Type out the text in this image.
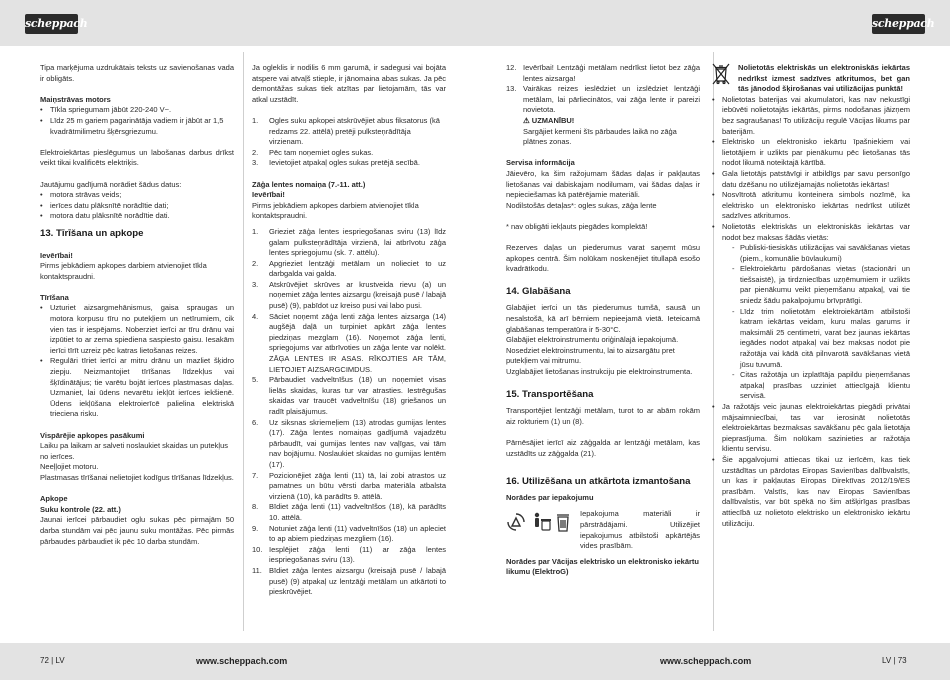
scheppach	scheppach

Tipa marķējuma uzdrukātais teksts uz savienošanas vada ir obligāts.

Maiņstrāvas motors

• Tīkla spriegumam jābūt 220-240 V~.
• Līdz 25 m gariem pagarinātāja vadiem ir jābūt ar 1,5 kvadrātmilimetru šķērsgriezumu.

Elektroiekārtas pieslēgumus un labošanas darbus drīkst veikt tikai kvalificēts elektriķis.

Jautājumu gadījumā norādiet šādus datus:

• motora strāvas veids;
• ierīces datu plāksnītē norādītie dati;
• motora datu plāksnītē norādītie dati.
13. Tīrīšana un apkope

Ievērībai!

Pirms jebkādiem apkopes darbiem atvienojiet tīkla kontaktspraudni.

Tīrīšana

• Uzturiet aizsargmehānismus, gaisa spraugas un motora korpusu tīru no putekļiem un netīrumiem, cik vien tas ir iespējams. Noberziet ierīci ar tīru drānu vai izpūtiet to ar zema spiediena saspiesto gaisu. Iesakām ierīci tīrīt uzreiz pēc katras lietošanas reizes.
• Regulāri tīriet ierīci ar mitru drānu un mazliet šķidro ziepju. Neizmantojiet tīrīšanas līdzekļus vai šķīdinātājus; tie varētu bojāt ierīces plastmasas daļas. Uzmaniet, lai ūdens nevarētu iekļūt ierīces iekšienē. Ūdens iekļūšana elektroierīcē palielina elektriskā trieciena risku.

Vispārējie apkopes pasākumi

Laiku pa laikam ar salveti noslaukiet skaidas un putekļus no ierīces.

Neeļļojiet motoru.

Plastmasas tīrīšanai nelietojiet kodīgus tīrīšanas līdzekļus.

Apkope

Suku kontrole (22. att.)

Jaunai ierīcei pārbaudiet oglu sukas pēc pirmajām 50 darba stundām vai pēc jaunu suku montāžas. Pēc pirmās pārbaudes pārbaudiet ik pēc 10 darba stundām.

Ja ogleklis ir nodilis 6 mm garumā, ir sadegusi vai bojāta atspere vai atvaļš stieple, ir jānomaina abas sukas. Ja pēc demontāžas sukas tiek atzītas par lietojamām, tās var atkal uzstādīt.

1. Ogles suku apkopei atskrūvējiet abus fiksatorus (kā redzams 22. attēlā) pretēji pulksteņrādītāja virzienam.
2. Pēc tam noņemiet ogles sukas.
3. Ievietojiet atpakaļ ogles sukas pretējā secībā.

Zāģa lentes nomaiņa (7.-11. att.)

Ievērībai!

Pirms jebkādiem apkopes darbiem atvienojiet tīkla kontaktspraudni.

1. Grieziet zāģa lentes iespriegošanas sviru (13) līdz galam pulksteņrādītāja virzienā, lai atbrīvotu zāģa lentes spriegojumu (sk. 7. attēlu).
2. Apgrieziet lentzāģi metālam un nolieciet to uz darbgalda vai galda.
3. Atskrūvējiet skrūves ar krustveida rievu (a) un noņemiet zāģa lentes aizsargu (kreisajā pusē / labajā pusē) (9), pabīdot uz kreiso pusi vai labo pusi.
4. Sāciet noņemt zāģa lenti zāģa lentes aizsarga (14) augšējā daļā un turpiniet apkārt zāģa lentes piedziņas mezglam (16). Noņemot zāģa lenti, spriegojums var atbrīvoties un zāģa lente var nolēkt. ZĀĢA LENTES IR ASAS. RĪKOJTIES AR TĀM, LIETOJIET AIZSARGCIMDUS.
5. Pārbaudiet vadveltnīšus (18) un noņemiet visas lielās skaidas, kuras tur var atrasties. Iestrēgušas skaidas var traucēt vadveltnīšu (18) griešanos un radīt plaisājumus.
6. Uz siksnas skriemeļiem (13) atrodas gumijas lentes (17). Zāģa lentes nomaiņas gadījumā vajadzētu pārbaudīt, vai gumijas lentes nav vaļīgas, vai tām nav bojājumu. Noslaukiet skaidas no gumijas lentēm (17).
7. Pozicionējiet zāģa lenti (11) tā, lai zobi atrastos uz pamatnes un būtu vērsti darba materiāla atbalsta virzienā (10), kā parādīts 9. attēlā.
8. Bīdiet zāģa lenti (11) vadveltnīšos (18), kā parādīts 10. attēlā.
9. Notuniet zāģa lenti (11) vadveltnīšos (18) un apleciet to ap abiem piedziņas mezgliem (16).
10. Iesplējiet zāģa lenti (11) ar zāģa lentes iespriegošanas sviru (13).
11. Bīdiet zāģa lentes aizsargu (kreisajā pusē / labajā pusē) (9) atpakaļ uz lentzāģi metālam un atkārtoti to pieskrūvējiet.
12. Ievērībai! Lentzāģi metālam nedrīkst lietot bez zāģa lentes aizsarga!
13. Vairākas reizes ieslēdziet un izslēdziet lentzāģi metālam, lai pārliecinātos, vai zāģa lente ir pareizi novietota.

⚠ UZMANĪBU!

Sargājiet kermeni šīs pārbaudes laikā no zāģa plātnes zonas.

Servisa informācija

Jāievēro, ka šim ražojumam šādas daļas ir pakļautas lietošanas vai dabiskajam nodilumam, vai šādas daļas ir nepieciešamas kā patērējamie materiāli.

Nodilstošās detaļas*: ogles sukas, zāģa lente

* nav obligāti iekļauts piegādes komplektā!

Rezerves daļas un piederumus varat saņemt mūsu apkopes centrā. Šim nolūkam noskenējiet titullapā esošo kvadrātkodu.

14. Glabāšana

Glabājiet ierīci un tās piederumus tumšā, sausā un nesalstošā, kā arī bērniem nepieejamā vietā. Ieteicamā glabāšanas temperatūra ir 5-30°C.

Glabājiet elektroinstrumentu oriģinālajā iepakojumā.

Nosedziet elektroinstrumentu, lai to aizsargātu pret putekļiem vai mitrumu.

Uzglabājiet lietošanas instrukciju pie elektroinstrumenta.

15. Transportēšana

Transportējiet lentzāģi metālam, turot to ar abām rokām aiz rokturiem (1) un (8).

Pārnēsājiet ierīcī aiz zāģgalda ar lentzāģi metālam, kas uzstādīts uz zāģgalda (21).

16. Utilizēšana un atkārtota izmantošana

Norādes par iepakojumu

Iepakojuma materiāli ir pārstrādājami. Utilizējiet iepakojumus atbilstoši apkārtējās vides prasībām.

Norādes par Vācijas elektrisko un elektronisko iekārtu likumu (ElektroG)

Nolietotās elektriskās un elektroniskās iekārtas nedrīkst izmest sadzīves atkritumos, bet gan tās jānodod šķirošanas vai utilizācijas punktā!

• Nolietotas baterijas vai akumulatori, kas nav nekustīgi iebūvēti nolietotajās iekārtās, pirms nodošanas jāizņem bez sagraušanas! To utilizāciju regulē Vācijas likums par baterijām.
• Elektrisko un elektronisko iekārtu īpašniekiem vai lietotājiem ir uzlikts par pienākumu pēc lietošanas tās nodot likumā noteiktajā kārtībā.
• Gala lietotājs patstāvīgi ir atbildīgs par savu personīgo datu dzēšanu no utilizējamajās nolietotās iekārtas!
• Nosvītrotā atkritumu konteinera simbols nozīmē, ka elektrisko un elektronisko iekārtas nedrīkst utilizēt sadzīves atkritumos.
• Nolietotās elektriskās un elektroniskās iekārtas var nodot bez maksas šādās vietās:
- Publiski-tiesiskās utilizācijas vai savākšanas vietas (piem., komunālie būvlaukumi)
- Elektroiekārtu pārdošanas vietas (stacionāri un tiešsaistē), ja tirdzniecības uzņēmumiem ir uzlikts par pienākumu veikt pieņemšanu atpakaļ, vai tie sniedz šādu pakalpojumu brīvprātīgi.
- Līdz trim nolietotām elektroiekārtām atbilstoši katram iekārtas veidam, kuru malas garums ir maksimāli 25 centimetri, varat bez jaunas iekārtas iegādes nodot atpakaļ vai bez maksas nodot pie ražotāja vai kādā citā pilnvarotā savākšanas vietā jūsu tuvumā.
- Citas ražotāja un izplatītāja papildu pieņemšanas atpakaļ prasības uzziniet attiecīgajā klientu servisā.
• Ja ražotājs veic jaunas elektroiekārtas piegādi privātai mājsaimniecībai, tas var ierosināt nolietotās elektroiekārtas bezmaksas savākšanu pēc gala lietotāja pieprasījuma. Šim nolūkam sazinieties ar ražotāja klientu servisu.
• Šie apgalvojumi attiecas tikai uz ierīcēm, kas tiek uzstādītas un pārdotas Eiropas Savienības dalībvalstīs, un kas ir pakļautas Eiropas Direktīvas 2012/19/ES prasībām. Valstīs, kas nav Eiropas Savienības dalībvalstis, var būt spēkā no šim atšķirīgas prasības attiecībā uz nolietoto elektrisko un elektronisko iekārtu utilizāciju.
72 | LV	www.scheppach.com	www.scheppach.com	LV | 73
